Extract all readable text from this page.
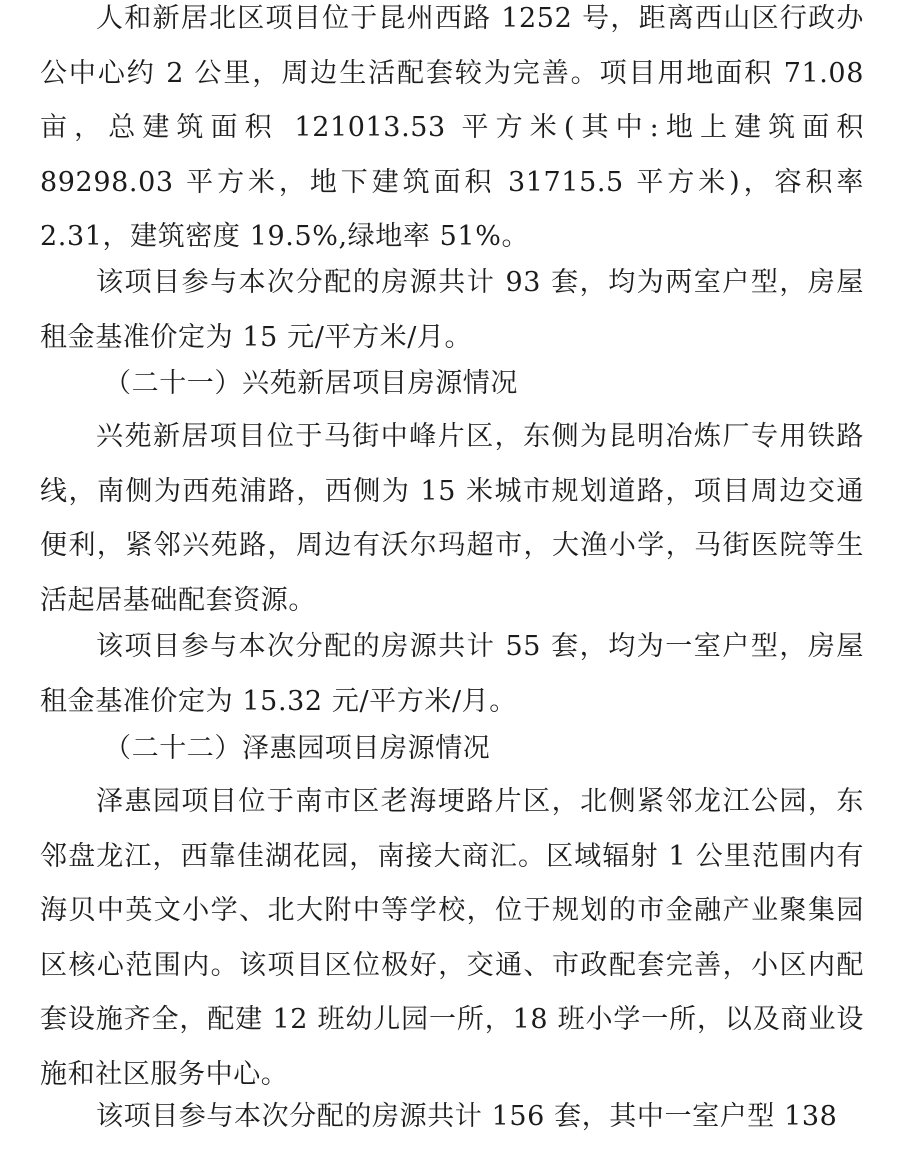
人和新居北区项目位于昆州西路 1252 号，距离西山区行政办公中心约 2 公里，周边生活配套较为完善。项目用地面积 71.08 亩，总建筑面积 121013.53 平方米(其中:地上建筑面积 89298.03 平方米，地下建筑面积 31715.5 平方米)，容积率 2.31，建筑密度 19.5%,绿地率 51%。

该项目参与本次分配的房源共计 93 套，均为两室户型，房屋租金基准价定为 15 元/平方米/月。

（二十一）兴苑新居项目房源情况

兴苑新居项目位于马街中峰片区，东侧为昆明冶炼厂专用铁路线，南侧为西苑浦路，西侧为 15 米城市规划道路，项目周边交通便利，紧邻兴苑路，周边有沃尔玛超市，大渔小学，马街医院等生活起居基础配套资源。

该项目参与本次分配的房源共计 55 套，均为一室户型，房屋租金基准价定为 15.32 元/平方米/月。

（二十二）泽惠园项目房源情况

泽惠园项目位于南市区老海埂路片区，北侧紧邻龙江公园，东邻盘龙江，西靠佳湖花园，南接大商汇。区域辐射 1 公里范围内有海贝中英文小学、北大附中等学校，位于规划的市金融产业聚集园区核心范围内。该项目区位极好，交通、市政配套完善，小区内配套设施齐全，配建 12 班幼儿园一所，18 班小学一所，以及商业设施和社区服务中心。

该项目参与本次分配的房源共计 156 套，其中一室户型 138
